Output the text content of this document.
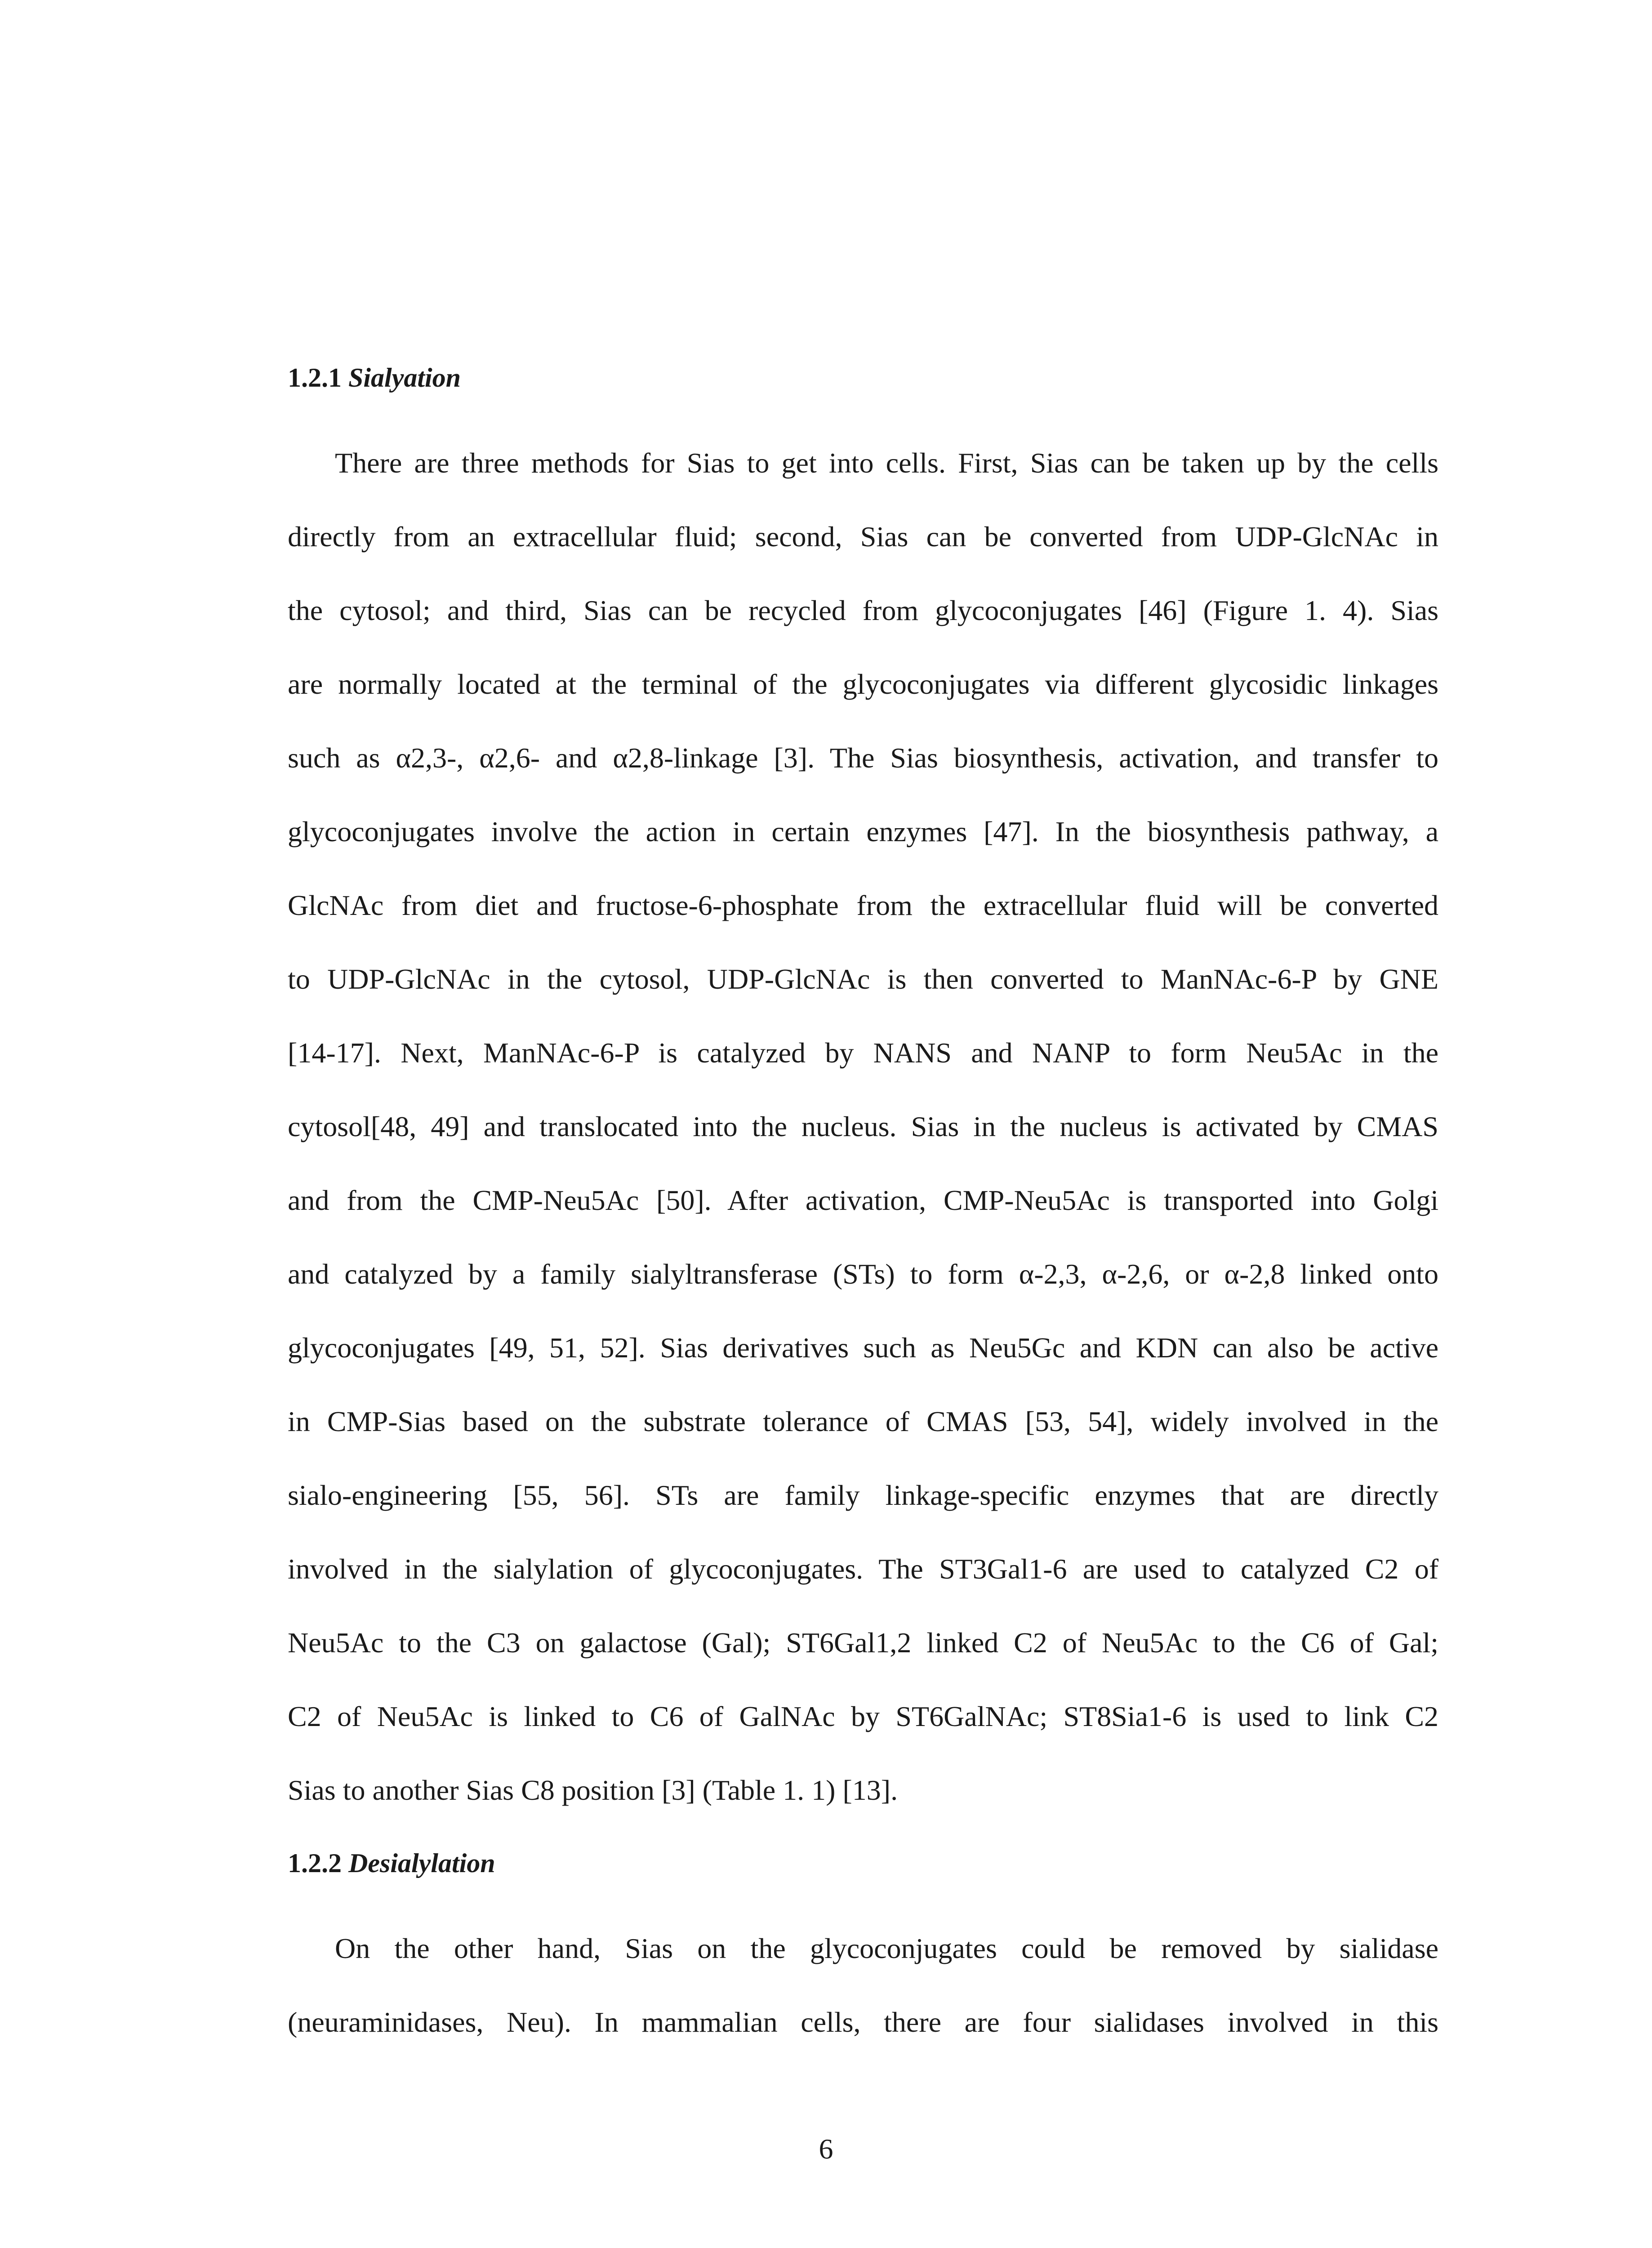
1.2.1 Sialyation
There are three methods for Sias to get into cells. First, Sias can be taken up by the cells
directly from an extracellular fluid; second, Sias can be converted from UDP-GlcNAc in
the cytosol; and third, Sias can be recycled from glycoconjugates [46] (Figure 1. 4). Sias
are normally located at the terminal of the glycoconjugates via different glycosidic linkages
such as α2,3-, α2,6- and α2,8-linkage [3]. The Sias biosynthesis, activation, and transfer to
glycoconjugates involve the action in certain enzymes [47]. In the biosynthesis pathway, a
GlcNAc from diet and fructose-6-phosphate from the extracellular fluid will be converted
to UDP-GlcNAc in the cytosol, UDP-GlcNAc is then converted to ManNAc-6-P by GNE
[14-17]. Next, ManNAc-6-P is catalyzed by NANS and NANP to form Neu5Ac in the
cytosol[48, 49] and translocated into the nucleus. Sias in the nucleus is activated by CMAS
and from the CMP-Neu5Ac [50]. After activation, CMP-Neu5Ac is transported into Golgi
and catalyzed by a family sialyltransferase (STs) to form α-2,3, α-2,6, or α-2,8 linked onto
glycoconjugates [49, 51, 52]. Sias derivatives such as Neu5Gc and KDN can also be active
in CMP-Sias based on the substrate tolerance of CMAS [53, 54], widely involved in the
sialo-engineering [55, 56]. STs are family linkage-specific enzymes that are directly
involved in the sialylation of glycoconjugates. The ST3Gal1-6 are used to catalyzed C2 of
Neu5Ac to the C3 on galactose (Gal); ST6Gal1,2 linked C2 of Neu5Ac to the C6 of Gal;
C2 of Neu5Ac is linked to C6 of GalNAc by ST6GalNAc; ST8Sia1-6 is used to link C2
Sias to another Sias C8 position [3] (Table 1. 1) [13].
1.2.2 Desialylation
On the other hand, Sias on the glycoconjugates could be removed by sialidase
(neuraminidases, Neu). In mammalian cells, there are four sialidases involved in this
6
